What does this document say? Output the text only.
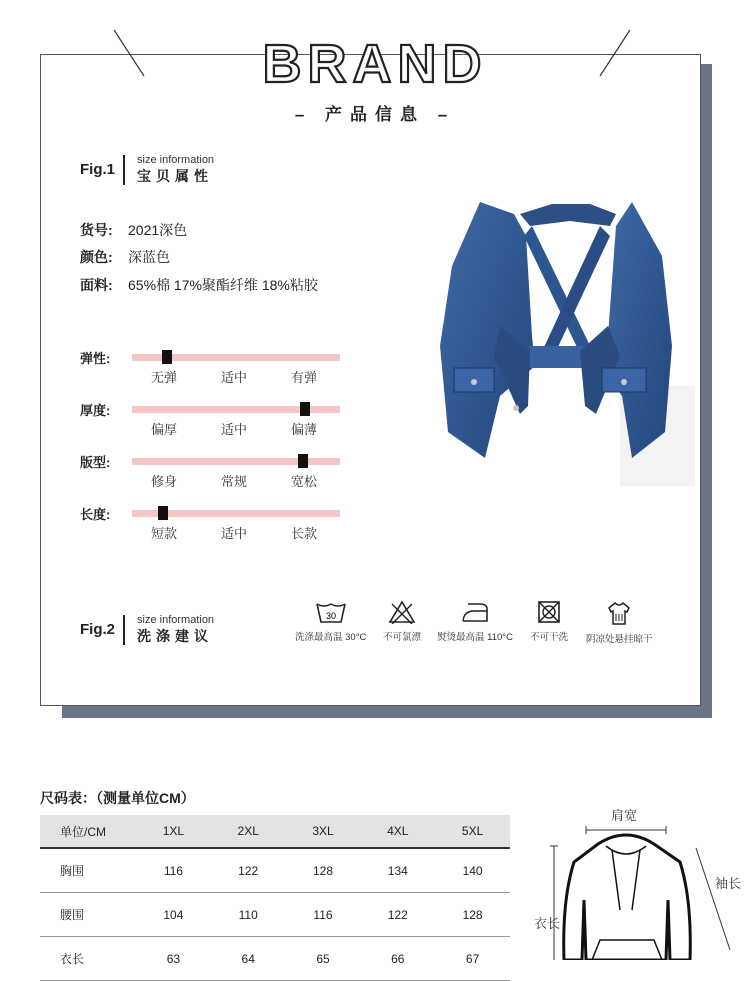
BRAND
– 产品信息 –
Fig.1
size information
宝贝属性
货号: 2021深色
颜色: 深蓝色
面料: 65%棉 17%聚酯纤维 18%粘胶
弹性:
无弹	适中	有弹
厚度:
偏厚	适中	偏薄
版型:
修身	常规	宽松
长度:
短款	适中	长款
Fig.2
size information
洗涤建议
30
洗涤最高温 30°C 不可氯漂 熨烫最高温 110°C 不可干洗 阴凉处悬挂晾干
尺码表：（测量单位CM）
单位/CM	1XL	2XL	3XL	4XL	5XL
胸围	116	122	128	134	140
腰围	104	110	116	122	128
衣长	63	64	65	66	67
肩宽
衣长
袖长
